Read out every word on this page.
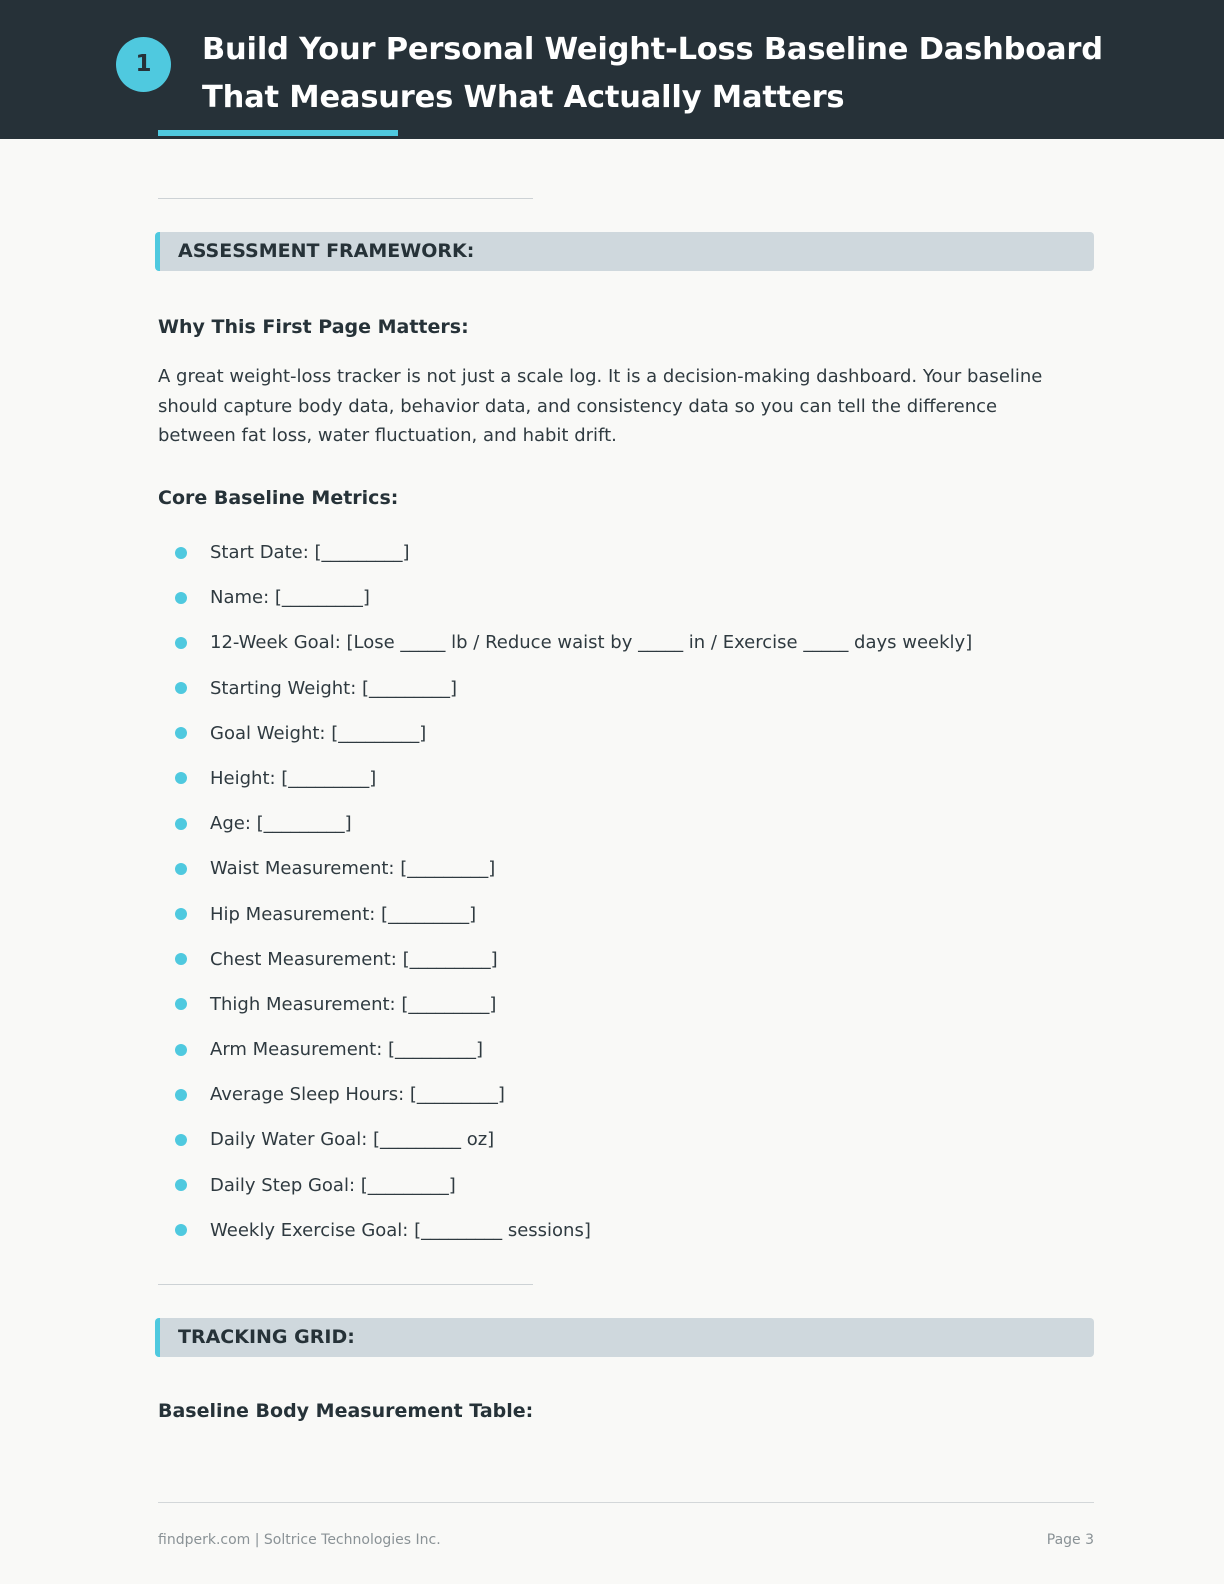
1	Build Your Personal Weight-Loss Baseline Dashboard That Measures What Actually Matters
ASSESSMENT FRAMEWORK:
Why This First Page Matters:

A great weight-loss tracker is not just a scale log. It is a decision-making dashboard. Your baseline should capture body data, behavior data, and consistency data so you can tell the difference between fat loss, water fluctuation, and habit drift.

Core Baseline Metrics:
Start Date: [_________]
Name: [_________]
12-Week Goal: [Lose _____ lb / Reduce waist by _____ in / Exercise _____ days weekly]
Starting Weight: [_________]
Goal Weight: [_________]
Height: [_________]
Age: [_________]
Waist Measurement: [_________]
Hip Measurement: [_________]
Chest Measurement: [_________]
Thigh Measurement: [_________]
Arm Measurement: [_________]
Average Sleep Hours: [_________]
Daily Water Goal: [_________ oz]
Daily Step Goal: [_________]
Weekly Exercise Goal: [_________ sessions]
TRACKING GRID:
Baseline Body Measurement Table:
findperk.com | Soltrice Technologies Inc.	Page 3
